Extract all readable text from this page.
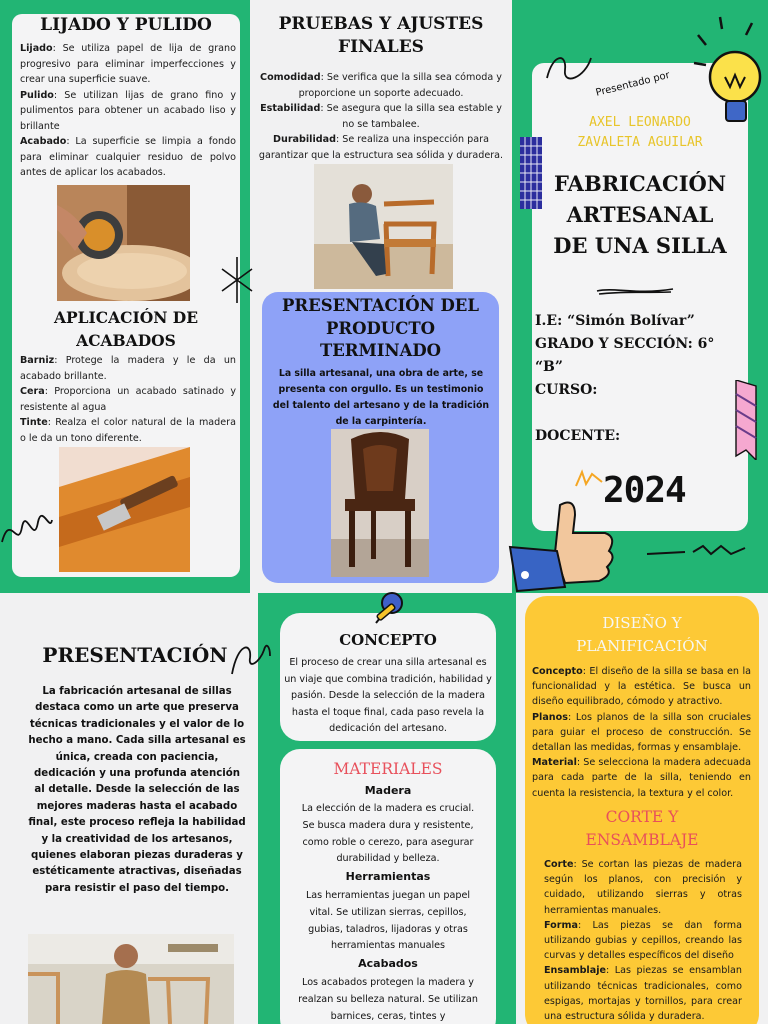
LIJADO Y PULIDO

Lijado: Se utiliza papel de lija de grano progresivo para eliminar imperfecciones y crear una superficie suave.

Pulido: Se utilizan lijas de grano fino y pulimentos para obtener un acabado liso y brillante

Acabado: La superficie se limpia a fondo para eliminar cualquier residuo de polvo antes de aplicar los acabados.

APLICACIÓN DE
ACABADOS

Barniz: Protege la madera y le da un acabado brillante.

Cera: Proporciona un acabado satinado y resistente al agua

Tinte: Realza el color natural de la madera o le da un tono diferente.

PRUEBAS Y AJUSTES
FINALES

Comodidad: Se verifica que la silla sea cómoda y proporcione un soporte adecuado.

Estabilidad: Se asegura que la silla sea estable y no se tambalee.

Durabilidad: Se realiza una inspección para garantizar que la estructura sea sólida y duradera.

PRESENTACIÓN DEL
PRODUCTO
TERMINADO
La silla artesanal, una obra de arte, se presenta con orgullo. Es un testimonio del talento del artesano y de la tradición de la carpintería.
Presentado por
AXEL LEONARDO
ZAVALETA AGUILAR
FABRICACIÓN
ARTESANAL
DE UNA SILLA
I.E: “Simón Bolívar”
GRADO Y SECCIÓN: 6° “B”
CURSO:
DOCENTE:
2024
PRESENTACIÓN
La fabricación artesanal de sillas destaca como un arte que preserva técnicas tradicionales y el valor de lo hecho a mano. Cada silla artesanal es única, creada con paciencia, dedicación y una profunda atención al detalle. Desde la selección de las mejores maderas hasta el acabado final, este proceso refleja la habilidad y la creatividad de los artesanos, quienes elaboran piezas duraderas y estéticamente atractivas, diseñadas para resistir el paso del tiempo.
CONCEPTO
El proceso de crear una silla artesanal es un viaje que combina tradición, habilidad y pasión. Desde la selección de la madera hasta el toque final, cada paso revela la dedicación del artesano.
MATERIALES
Madera
La elección de la madera es crucial. Se busca madera dura y resistente, como roble o cerezo, para asegurar durabilidad y belleza.
Herramientas
Las herramientas juegan un papel vital. Se utilizan sierras, cepillos, gubias, taladros, lijadoras y otras herramientas manuales
Acabados
Los acabados protegen la madera y realzan su belleza natural. Se utilizan barnices, ceras, tintes y
DISEÑO Y
PLANIFICACIÓN

Concepto: El diseño de la silla se basa en la funcionalidad y la estética. Se busca un diseño equilibrado, cómodo y atractivo.

Planos: Los planos de la silla son cruciales para guiar el proceso de construcción. Se detallan las medidas, formas y ensamblaje.

Material: Se selecciona la madera adecuada para cada parte de la silla, teniendo en cuenta la resistencia, la textura y el color.

CORTE Y
ENSAMBLAJE

Corte: Se cortan las piezas de madera según los planos, con precisión y cuidado, utilizando sierras y otras herramientas manuales.

Forma: Las piezas se dan forma utilizando gubias y cepillos, creando las curvas y detalles específicos del diseño

Ensamblaje: Las piezas se ensamblan utilizando técnicas tradicionales, como espigas, mortajas y tornillos, para crear una estructura sólida y duradera.
